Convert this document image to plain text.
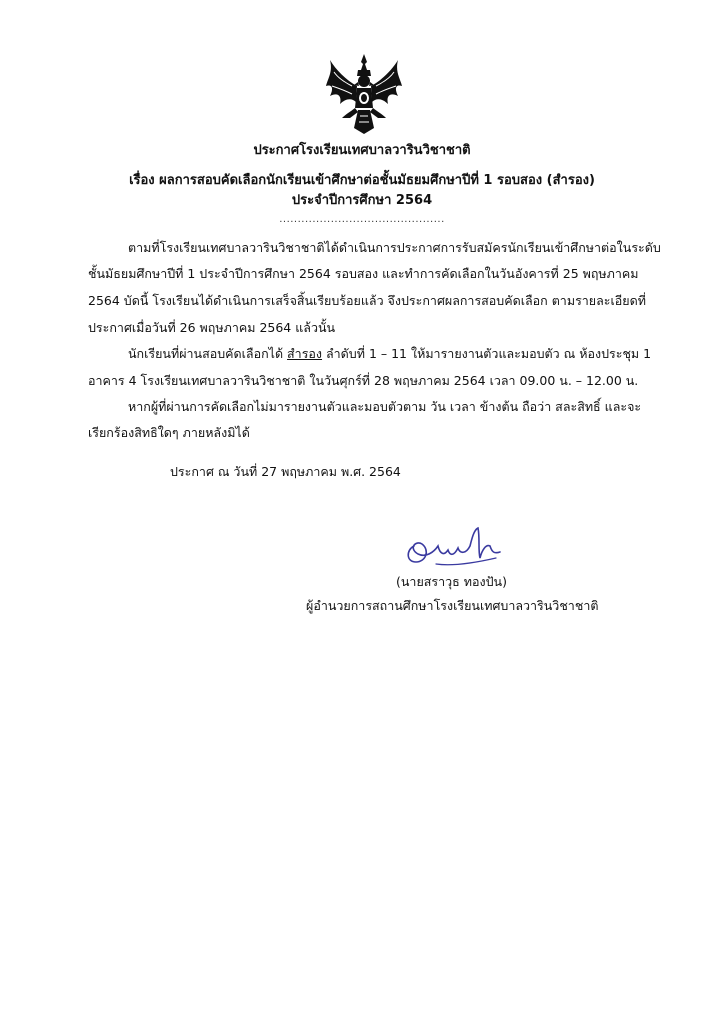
ประกาศโรงเรียนเทศบาลวารินวิชาชาติ
เรื่อง ผลการสอบคัดเลือกนักเรียนเข้าศึกษาต่อชั้นมัธยมศึกษาปีที่ 1 รอบสอง (สำรอง)
ประจำปีการศึกษา 2564
.............................................
ตามที่โรงเรียนเทศบาลวารินวิชาชาติได้ดำเนินการประกาศการรับสมัครนักเรียนเข้าศึกษาต่อในระดับ
ชั้นมัธยมศึกษาปีที่ 1 ประจำปีการศึกษา 2564 รอบสอง และทำการคัดเลือกในวันอังคารที่ 25 พฤษภาคม
2564 บัดนี้ โรงเรียนได้ดำเนินการเสร็จสิ้นเรียบร้อยแล้ว จึงประกาศผลการสอบคัดเลือก ตามรายละเอียดที่
ประกาศเมื่อวันที่ 26 พฤษภาคม 2564 แล้วนั้น
นักเรียนที่ผ่านสอบคัดเลือกได้ สำรอง ลำดับที่ 1 – 11 ให้มารายงานตัวและมอบตัว ณ ห้องประชุม 1
อาคาร 4 โรงเรียนเทศบาลวารินวิชาชาติ ในวันศุกร์ที่ 28 พฤษภาคม 2564 เวลา 09.00 น. – 12.00 น.
หากผู้ที่ผ่านการคัดเลือกไม่มารายงานตัวและมอบตัวตาม วัน เวลา ข้างต้น ถือว่า สละสิทธิ์ และจะ
เรียกร้องสิทธิใดๆ ภายหลังมิได้
ประกาศ ณ วันที่ 27 พฤษภาคม พ.ศ. 2564
(นายสราวุธ ทองปัน)
ผู้อำนวยการสถานศึกษาโรงเรียนเทศบาลวารินวิชาชาติ
